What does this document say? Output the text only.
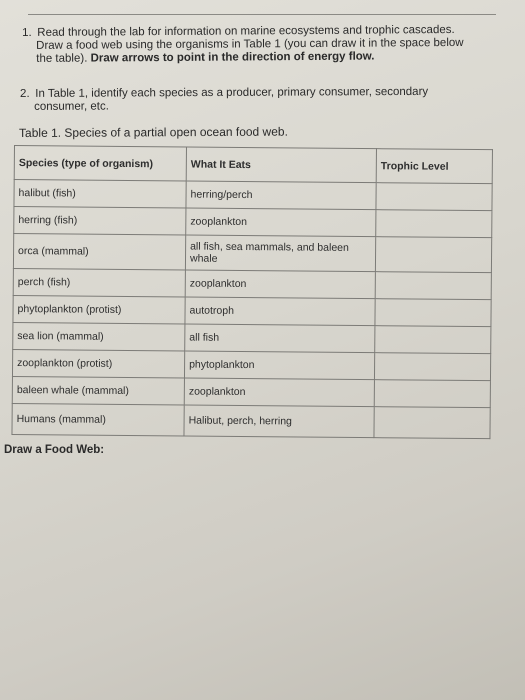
1. Read through the lab for information on marine ecosystems and trophic cascades.
Draw a food web using the organisms in Table 1 (you can draw it in the space below
the table). Draw arrows to point in the direction of energy flow.
2. In Table 1, identify each species as a producer, primary consumer, secondary
consumer, etc.
Table 1. Species of a partial open ocean food web.
Species (type of organism)	What It Eats	Trophic Level
halibut (fish)	herring/perch	
herring (fish)	zooplankton	
orca (mammal)	all fish, sea mammals, and baleen whale	
perch (fish)	zooplankton	
phytoplankton (protist)	autotroph	
sea lion (mammal)	all fish	
zooplankton (protist)	phytoplankton	
baleen whale (mammal)	zooplankton	
Humans (mammal)	Halibut, perch, herring	
Draw a Food Web:
